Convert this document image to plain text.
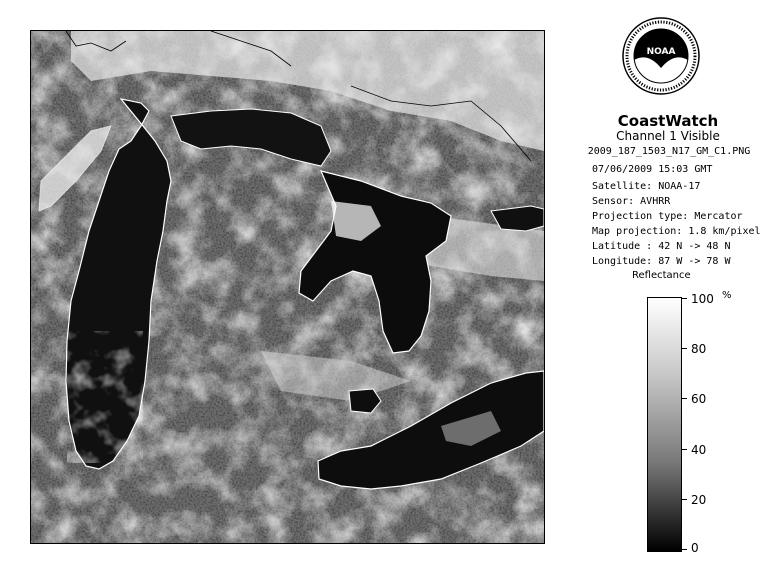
NOAA
CoastWatch
Channel 1 Visible
2009_187_1503_N17_GM_C1.PNG
07/06/2009 15:03 GMT
Satellite: NOAA-17
Sensor: AVHRR
Projection type: Mercator
Map projection: 1.8 km/pixel
Latitude : 42 N -> 48 N
Longitude: 87 W -> 78 W
Reflectance
%
100
80
60
40
20
0
